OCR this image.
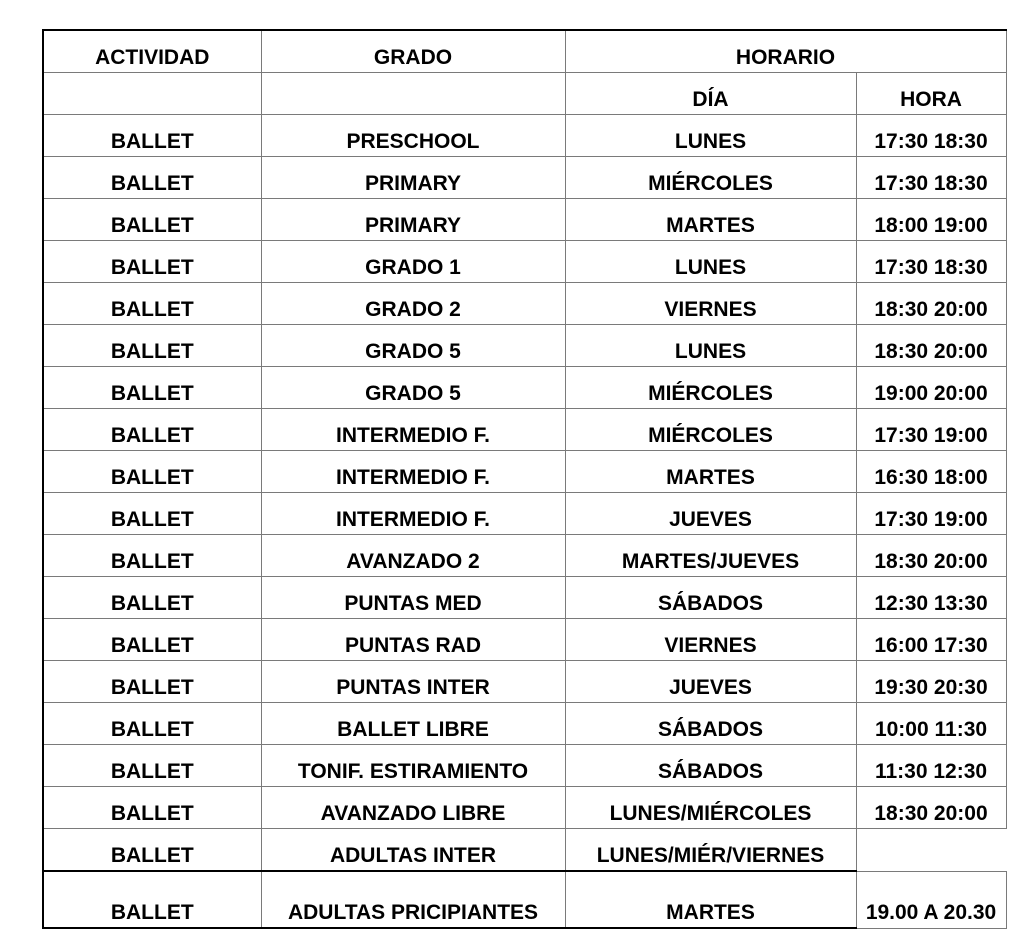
ACTIVIDAD	GRADO	HORARIO	
		DÍA	HORA
BALLET	PRESCHOOL	LUNES	17:30 18:30
BALLET	PRIMARY	MIÉRCOLES	17:30 18:30
BALLET	PRIMARY	MARTES	18:00 19:00
BALLET	GRADO 1	LUNES	17:30 18:30
BALLET	GRADO 2	VIERNES	18:30 20:00
BALLET	GRADO 5	LUNES	18:30 20:00
BALLET	GRADO 5	MIÉRCOLES	19:00 20:00
BALLET	INTERMEDIO F.	MIÉRCOLES	17:30 19:00
BALLET	INTERMEDIO F.	MARTES	16:30 18:00
BALLET	INTERMEDIO F.	JUEVES	17:30 19:00
BALLET	AVANZADO 2	MARTES/JUEVES	18:30 20:00
BALLET	PUNTAS MED	SÁBADOS	12:30 13:30
BALLET	PUNTAS RAD	VIERNES	16:00 17:30
BALLET	PUNTAS INTER	JUEVES	19:30 20:30
BALLET	BALLET LIBRE	SÁBADOS	10:00 11:30
BALLET	TONIF. ESTIRAMIENTO	SÁBADOS	11:30 12:30
BALLET	AVANZADO LIBRE	LUNES/MIÉRCOLES	18:30 20:00
BALLET	ADULTAS INTER	LUNES/MIÉR/VIERNES	
BALLET	ADULTAS PRICIPIANTES	MARTES	19.00 A 20.30
